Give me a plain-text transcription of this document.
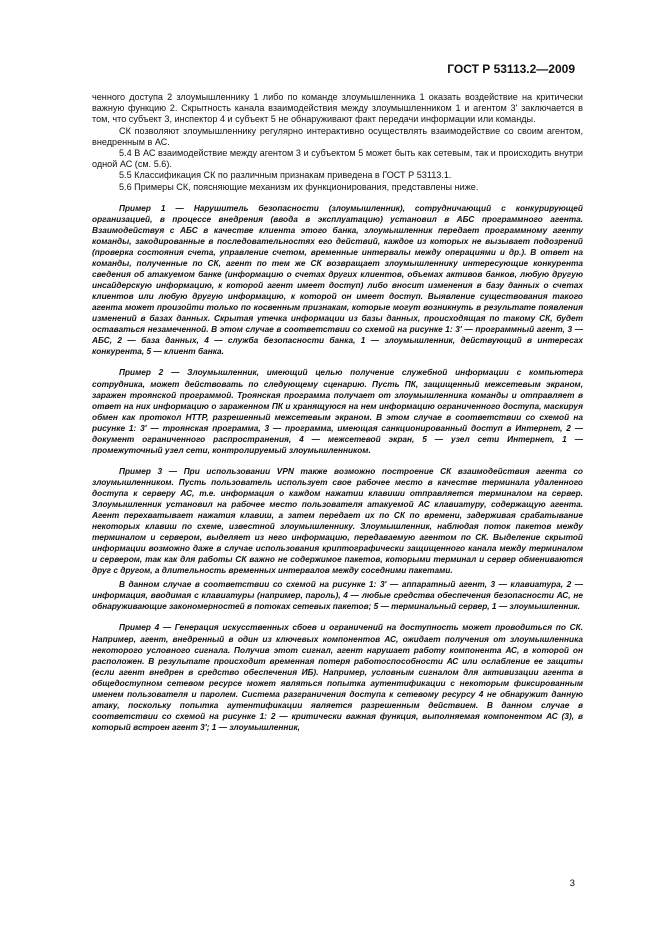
ГОСТ Р 53113.2—2009

ченного доступа 2 злоумышленнику 1 либо по команде злоумышленника 1 оказать воздействие на критически важную функцию 2. Скрытность канала взаимодействия между злоумышленником 1 и агентом 3' заключается в том, что субъект 3, инспектор 4 и субъект 5 не обнаруживают факт передачи информации или команды.

СК позволяют злоумышленнику регулярно интерактивно осуществлять взаимодействие со своим агентом, внедренным в АС.

5.4 В АС взаимодействие между агентом 3 и субъектом 5 может быть как сетевым, так и происходить внутри одной АС (см. 5.6).

5.5 Классификация СК по различным признакам приведена в ГОСТ Р 53113.1.

5.6 Примеры СК, поясняющие механизм их функционирования, представлены ниже.

Пример 1 — Нарушитель безопасности (злоумышленник), сотрудничающий с конкурирующей организацией, в процессе внедрения (ввода в эксплуатацию) установил в АБС программного агента. Взаимодействуя с АБС в качестве клиента этого банка, злоумышленник передает программному агенту команды, закодированные в последовательностях его действий, каждое из которых не вызывает подозрений (проверка состояния счета, управление счетом, временные интервалы между операциями и др.). В ответ на команды, полученные по СК, агент по тем же СК возвращает злоумышленнику интересующие конкурента сведения об атакуемом банке (информацию о счетах других клиентов, объемах активов банков, любую другую инсайдерскую информацию, к которой агент имеет доступ) либо вносит изменения в базу данных о счетах клиентов или любую другую информацию, к которой он имеет доступ. Выявление существования такого агента может произойти только по косвенным признакам, которые могут возникнуть в результате появления изменений в базах данных. Скрытая утечка информации из базы данных, происходящая по такому СК, будет оставаться незамеченной. В этом случае в соответствии со схемой на рисунке 1: 3' — программный агент, 3 — АБС, 2 — база данных, 4 — служба безопасности банка, 1 — злоумышленник, действующий в интересах конкурента, 5 — клиент банка.

Пример 2 — Злоумышленник, имеющий целью получение служебной информации с компьютера сотрудника, может действовать по следующему сценарию. Пусть ПК, защищенный межсетевым экраном, заражен троянской программой. Троянская программа получает от злоумышленника команды и отправляет в ответ на них информацию о зараженном ПК и хранящуюся на нем информацию ограниченного доступа, маскируя обмен как протокол HTTP, разрешенный межсетевым экраном. В этом случае в соответствии со схемой на рисунке 1: 3' — троянская программа, 3 — программа, имеющая санкционированный доступ в Интернет, 2 — документ ограниченного распространения, 4 — межсетевой экран, 5 — узел сети Интернет, 1 — промежуточный узел сети, контролируемый злоумышленником.

Пример 3 — При использовании VPN также возможно построение СК взаимодействия агента со злоумышленником. Пусть пользователь использует свое рабочее место в качестве терминала удаленного доступа к серверу АС, т.е. информация о каждом нажатии клавиши отправляется терминалом на сервер. Злоумышленник установил на рабочее место пользователя атакуемой АС клавиатуру, содержащую агента. Агент перехватывает нажатия клавиш, а затем передает их по СК по времени, задерживая срабатывание некоторых клавиш по схеме, известной злоумышленнику. Злоумышленник, наблюдая поток пакетов между терминалом и сервером, выделяет из него информацию, передаваемую агентом по СК. Выделение скрытой информации возможно даже в случае использования криптографически защищенного канала между терминалом и сервером, так как для работы СК важно не содержимое пакетов, которыми терминал и сервер обмениваются друг с другом, а длительность временных интервалов между соседними пакетами.

В данном случае в соответствии со схемой на рисунке 1: 3' — аппаратный агент, 3 — клавиатура, 2 — информация, вводимая с клавиатуры (например, пароль), 4 — любые средства обеспечения безопасности АС, не обнаруживающие закономерностей в потоках сетевых пакетов; 5 — терминальный сервер, 1 — злоумышленник.

Пример 4 — Генерация искусственных сбоев и ограничений на доступность может проводиться по СК. Например, агент, внедренный в один из ключевых компонентов АС, ожидает получения от злоумышленника некоторого условного сигнала. Получив этот сигнал, агент нарушает работу компонента АС, в которой он расположен. В результате происходит временная потеря работоспособности АС или ослабление ее защиты (если агент внедрен в средство обеспечения ИБ). Например, условным сигналом для активизации агента в общедоступном сетевом ресурсе может являться попытка аутентификации с некоторым фиксированным именем пользователя и паролем. Система разграничения доступа к сетевому ресурсу 4 не обнаружит данную атаку, поскольку попытка аутентификации является разрешенным действием. В данном случае в соответствии со схемой на рисунке 1: 2 — критически важная функция, выполняемая компонентом АС (3), в который встроен агент 3'; 1 — злоумышленник,

3
